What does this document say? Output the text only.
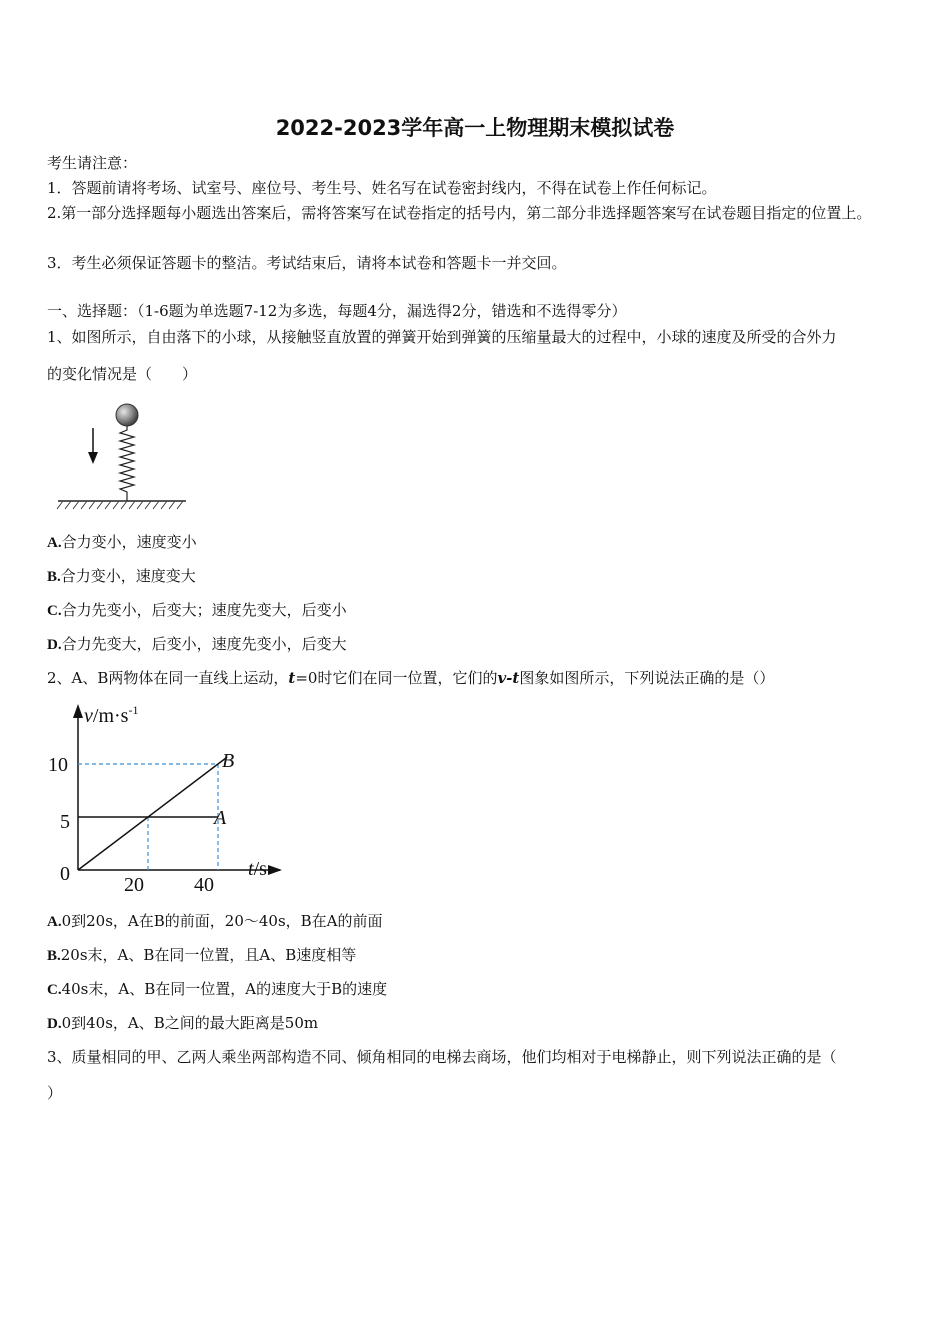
2022-2023学年高一上物理期末模拟试卷
考生请注意：
1．答题前请将考场、试室号、座位号、考生号、姓名写在试卷密封线内，不得在试卷上作任何标记。
2.第一部分选择题每小题选出答案后，需将答案写在试卷指定的括号内，第二部分非选择题答案写在试卷题目指定的位置上。
3．考生必须保证答题卡的整洁。考试结束后，请将本试卷和答题卡一并交回。
一、选择题：（1-6题为单选题7-12为多选，每题4分，漏选得2分，错选和不选得零分）
1、如图所示，自由落下的小球，从接触竖直放置的弹簧开始到弹簧的压缩量最大的过程中，小球的速度及所受的合外力
的变化情况是（　　）
A.合力变小，速度变小
B.合力变小，速度变大
C.合力先变小，后变大；速度先变大，后变小
D.合力先变大，后变小，速度先变小，后变大
2、A、B两物体在同一直线上运动，t=0时它们在同一位置，它们的v-t图象如图所示，下列说法正确的是（）
$v/m\cdot s^{-1}$
t/s
0
10
5
20	40
A
B
A.0到20s，A在B的前面，20～40s，B在A的前面
B.20s末，A、B在同一位置，且A、B速度相等
C.40s末，A、B在同一位置，A的速度大于B的速度
D.0到40s，A、B之间的最大距离是50m
3、质量相同的甲、乙两人乘坐两部构造不同、倾角相同的电梯去商场，他们均相对于电梯静止，则下列说法正确的是（
）
